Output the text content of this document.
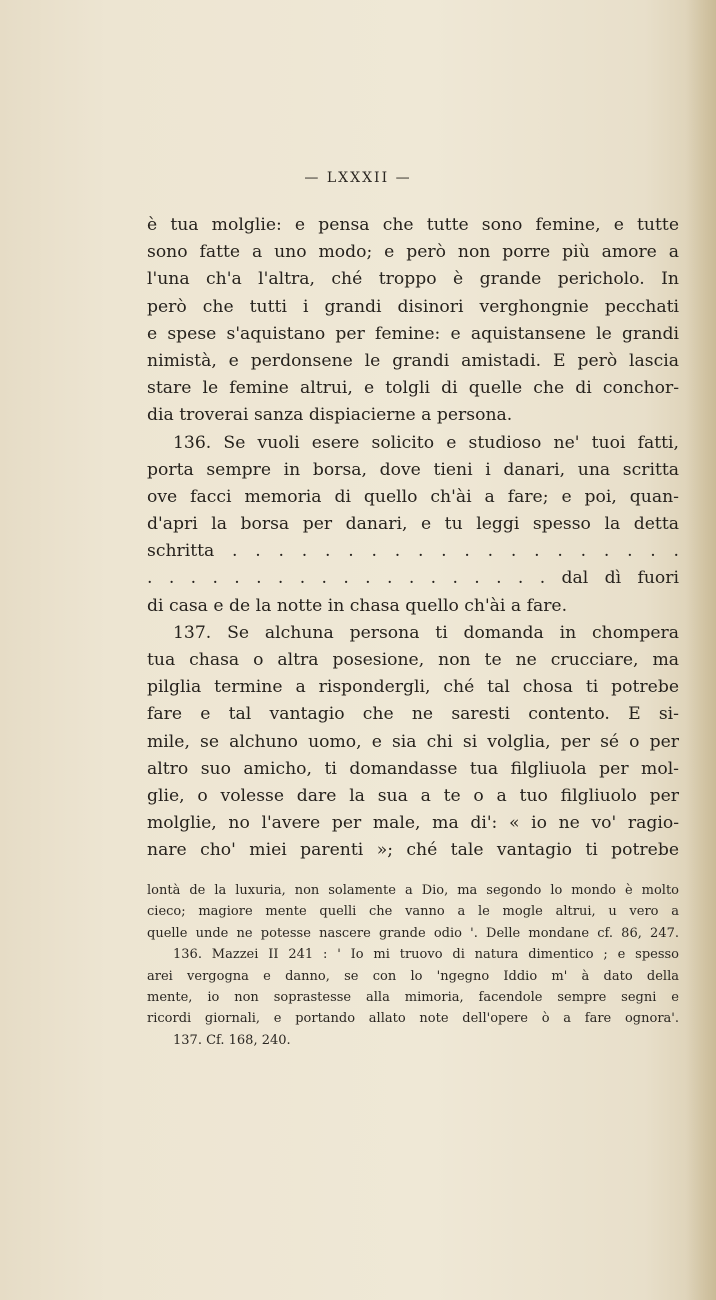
— LXXXII —
è tua molglie: e pensa che tutte sono femine, e tutte
sono fatte a uno modo; e però non porre più amore a
l'una ch'a l'altra, ché troppo è grande pericholo. In
però che tutti i grandi disinori verghongnie pecchati
e spese s'aquistano per femine: e aquistansene le grandi
nimistà, e perdonsene le grandi amistadi. E però lascia
stare le femine altrui, e tolgli di quelle che di conchor-
dia troverai sanza dispiacierne a persona.
136. Se vuoli esere solicito e studioso ne' tuoi fatti,
porta sempre in borsa, dove tieni i danari, una scritta
ove facci memoria di quello ch'ài a fare; e poi, quan-
d'apri la borsa per danari, e tu leggi spesso la detta
schritta . . . . . . . . . . . . . . . . . . . .
. . . . . . . . . . . . . . . . . . . dal dì fuori
di casa e de la notte in chasa quello ch'ài a fare.
137. Se alchuna persona ti domanda in chompera
tua chasa o altra posesione, non te ne crucciare, ma
pilglia termine a rispondergli, ché tal chosa ti potrebe
fare e tal vantagio che ne saresti contento. E si-
mile, se alchuno uomo, e sia chi si volglia, per sé o per
altro suo amicho, ti domandasse tua filgliuola per mol-
glie, o volesse dare la sua a te o a tuo filgliuolo per
molglie, no l'avere per male, ma di': « io ne vo' ragio-
nare cho' miei parenti »; ché tale vantagio ti potrebe
lontà de la luxuria, non solamente a Dio, ma segondo lo mondo è molto
cieco; magiore mente quelli che vanno a le mogle altrui, u vero a
quelle unde ne potesse nascere grande odio '. Delle mondane cf. 86, 247.
136. Mazzei II 241 : ' Io mi truovo di natura dimentico ; e spesso
arei vergogna e danno, se con lo 'ngegno Iddio m' à dato della
mente, io non soprastesse alla mimoria, facendole sempre segni e
ricordi giornali, e portando allato note dell'opere ò a fare ognora'.
137. Cf. 168, 240.
